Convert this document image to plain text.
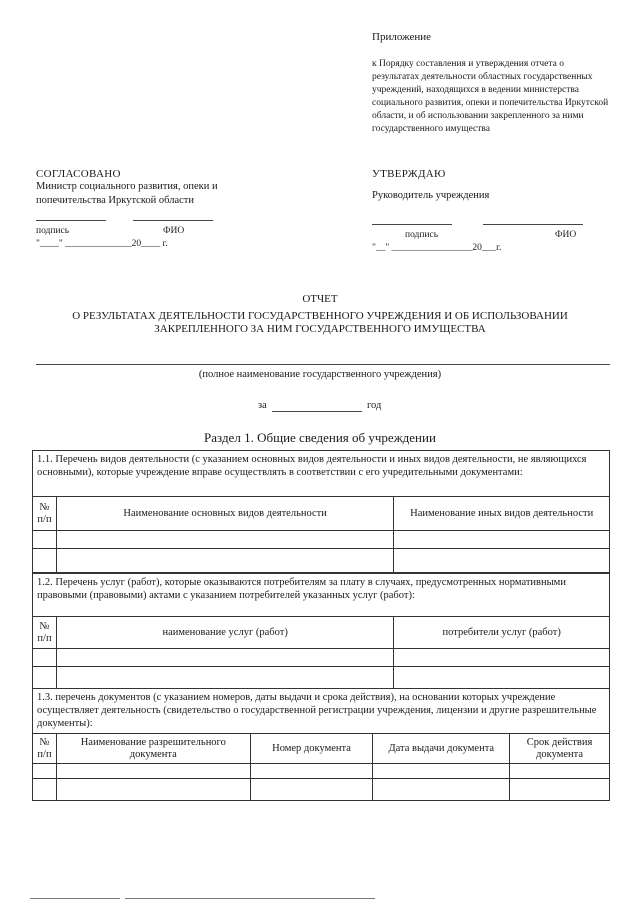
Приложение
к Порядку составления и утверждения отчета о результатах деятельности областных государственных учреждений, находящихся в ведении министерства социального развития, опеки и попечительства Иркутской области, и об использовании закрепленного за ними государственного имущества
СОГЛАСОВАНО
Министр социального развития, опеки и попечительства Иркутской области
подпись	ФИО
"____" ______________20____ г.
УТВЕРЖДАЮ
Руководитель учреждения
подпись	ФИО
"__" _________________20___г.
ОТЧЕТ
О РЕЗУЛЬТАТАХ ДЕЯТЕЛЬНОСТИ ГОСУДАРСТВЕННОГО УЧРЕЖДЕНИЯ И ОБ ИСПОЛЬЗОВАНИИ
ЗАКРЕПЛЕННОГО ЗА НИМ ГОСУДАРСТВЕННОГО ИМУЩЕСТВА
(полное наименование государственного учреждения)
за	год
Раздел 1. Общие сведения об учреждении
1.1. Перечень видов деятельности (с указанием основных видов деятельности и иных видов деятельности, не являющихся основными), которые учреждение вправе осуществлять в соответствии с его учредительными документами:
№ п/п	Наименование основных видов деятельности	Наименование иных видов деятельности

1.2. Перечень услуг (работ), которые оказываются потребителям за плату в случаях, предусмотренных нормативными правовыми (правовыми) актами с указанием потребителей указанных услуг (работ):
№ п/п	наименование услуг (работ)	потребители услуг (работ)

1.3. перечень документов (с указанием номеров, даты выдачи и срока действия), на основании которых учреждение осуществляет деятельность (свидетельство о государственной регистрации учреждения, лицензии и другие разрешительные документы):
№ п/п	Наименование разрешительного документа	Номер документа	Дата выдачи документа	Срок действия документа
